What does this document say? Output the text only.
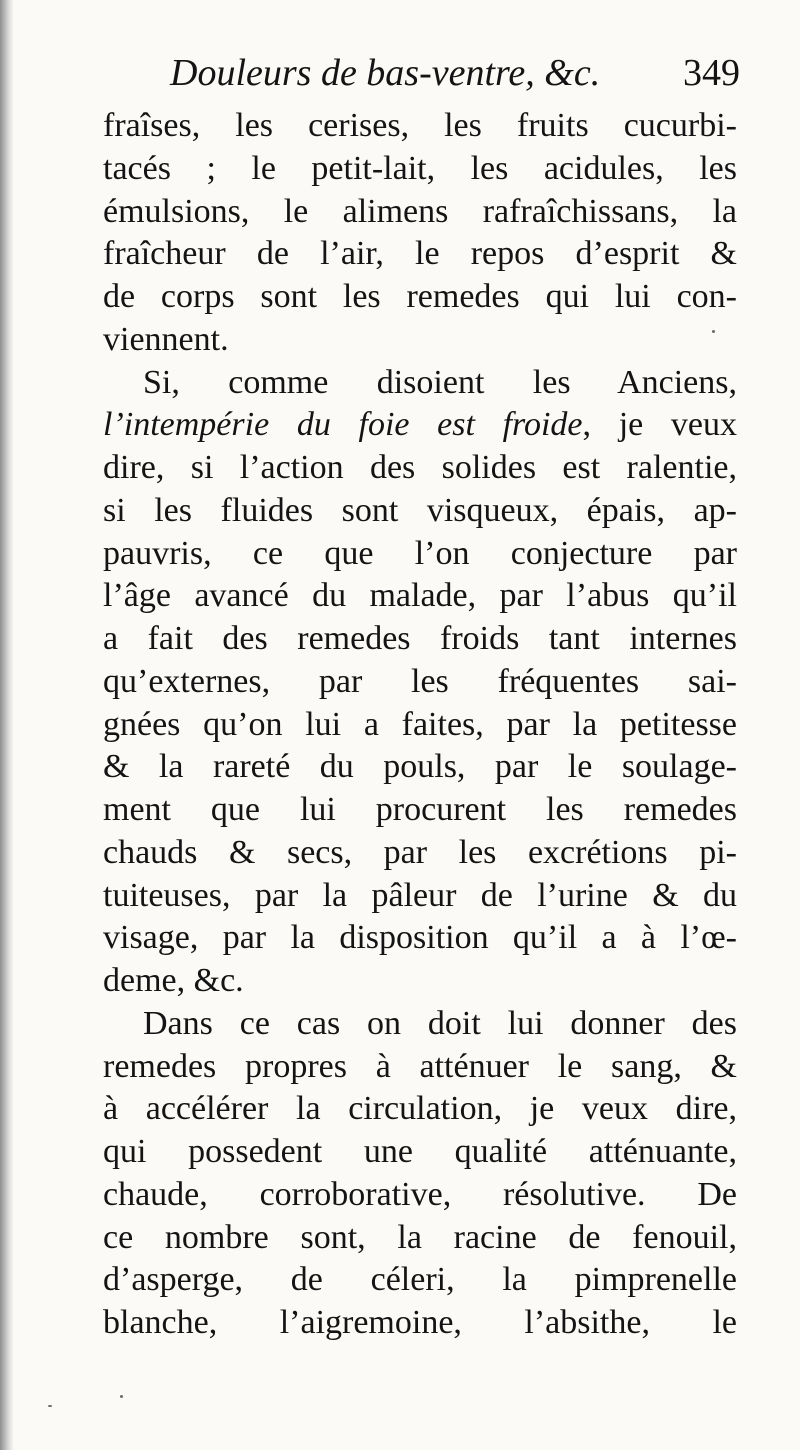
Douleurs de bas-ventre, &c. 349
fraîses, les cerises, les fruits cucurbi-
tacés ; le petit-lait, les acidules, les
émulsions, le alimens rafraîchissans, la
fraîcheur de l’air, le repos d’esprit &
de corps sont les remedes qui lui con-
viennent.
Si, comme disoient les Anciens,
l’intempérie du foie est froide, je veux
dire, si l’action des solides est ralentie,
si les fluides sont visqueux, épais, ap-
pauvris, ce que l’on conjecture par
l’âge avancé du malade, par l’abus qu’il
a fait des remedes froids tant internes
qu’externes, par les fréquentes sai-
gnées qu’on lui a faites, par la petitesse
& la rareté du pouls, par le soulage-
ment que lui procurent les remedes
chauds & secs, par les excrétions pi-
tuiteuses, par la pâleur de l’urine & du
visage, par la disposition qu’il a à l’œ-
deme, &c.
Dans ce cas on doit lui donner des
remedes propres à atténuer le sang, &
à accélérer la circulation, je veux dire,
qui possedent une qualité atténuante,
chaude, corroborative, résolutive. De
ce nombre sont, la racine de fenouil,
d’asperge, de céleri, la pimprenelle
blanche, l’aigremoine, l’absithe, le
